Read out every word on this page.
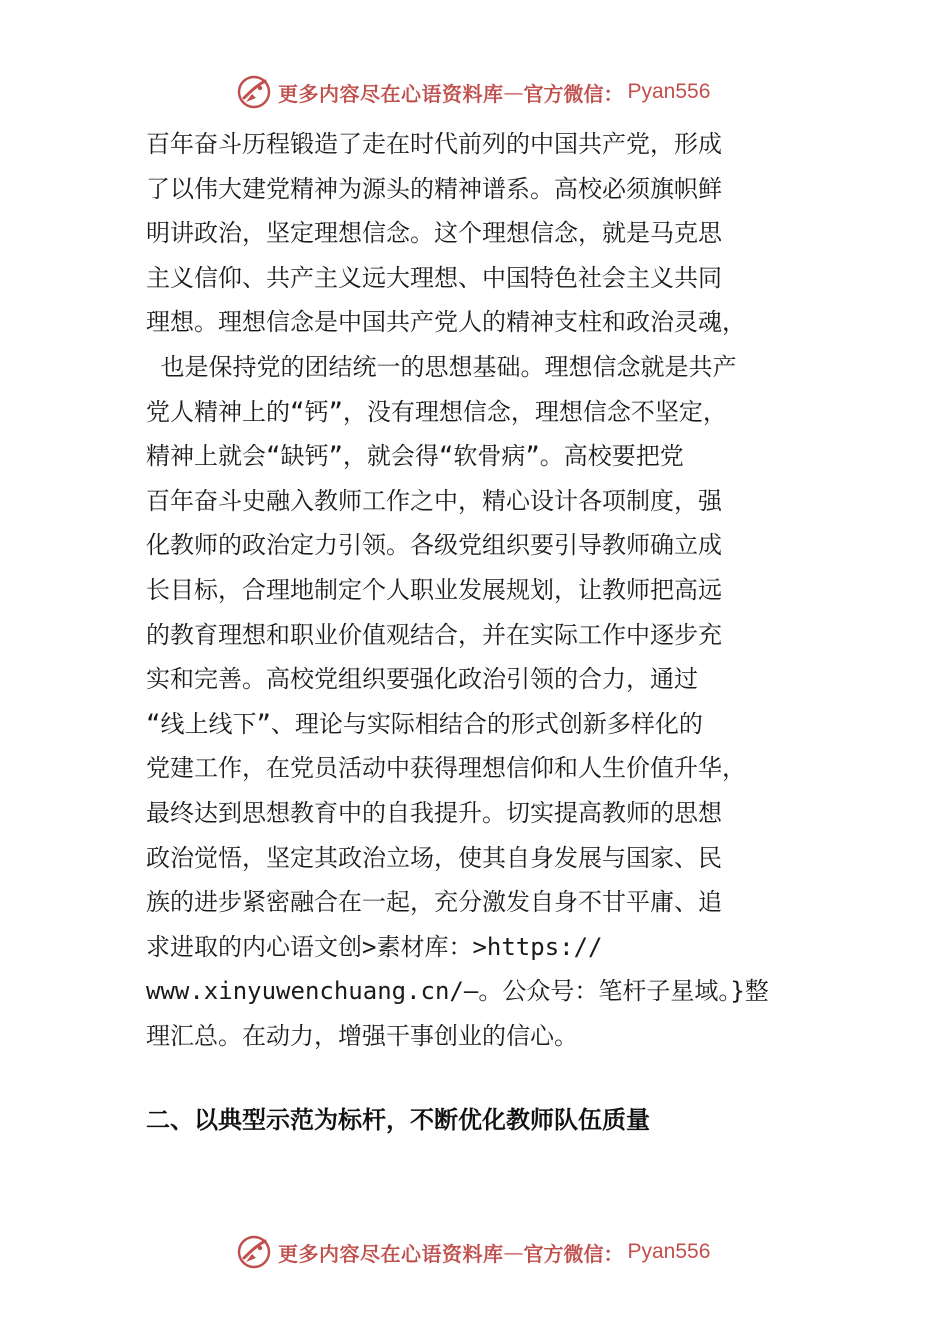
更多内容尽在心语资料库 — 官方微信： Pyan556
百年奋斗历程锻造了走在时代前列的中国共产党，形成
了以伟大建党精神为源头的精神谱系。高校必须旗帜鲜
明讲政治，坚定理想信念。这个理想信念，就是马克思
主义信仰、共产主义远大理想、中国特色社会主义共同
理想。理想信念是中国共产党人的精神支柱和政治灵魂，
也是保持党的团结统一的思想基础。理想信念就是共产
党人精神上的“钙”，没有理想信念，理想信念不坚定，
精神上就会“缺钙”，就会得“软骨病”。高校要把党
百年奋斗史融入教师工作之中，精心设计各项制度，强
化教师的政治定力引领。各级党组织要引导教师确立成
长目标，合理地制定个人职业发展规划，让教师把高远
的教育理想和职业价值观结合，并在实际工作中逐步充
实和完善。高校党组织要强化政治引领的合力，通过
“线上线下”、理论与实际相结合的形式创新多样化的
党建工作，在党员活动中获得理想信仰和人生价值升华，
最终达到思想教育中的自我提升。切实提高教师的思想
政治觉悟，坚定其政治立场，使其自身发展与国家、民
族的进步紧密融合在一起，充分激发自身不甘平庸、追
求进取的内心语文创>素材库：>https://
www.xinyuwenchuang.cn/—。公众号：笔杆子星域。}整
理汇总。在动力，增强干事创业的信心。
二、以典型示范为标杆，不断优化教师队伍质量
更多内容尽在心语资料库 — 官方微信： Pyan556
